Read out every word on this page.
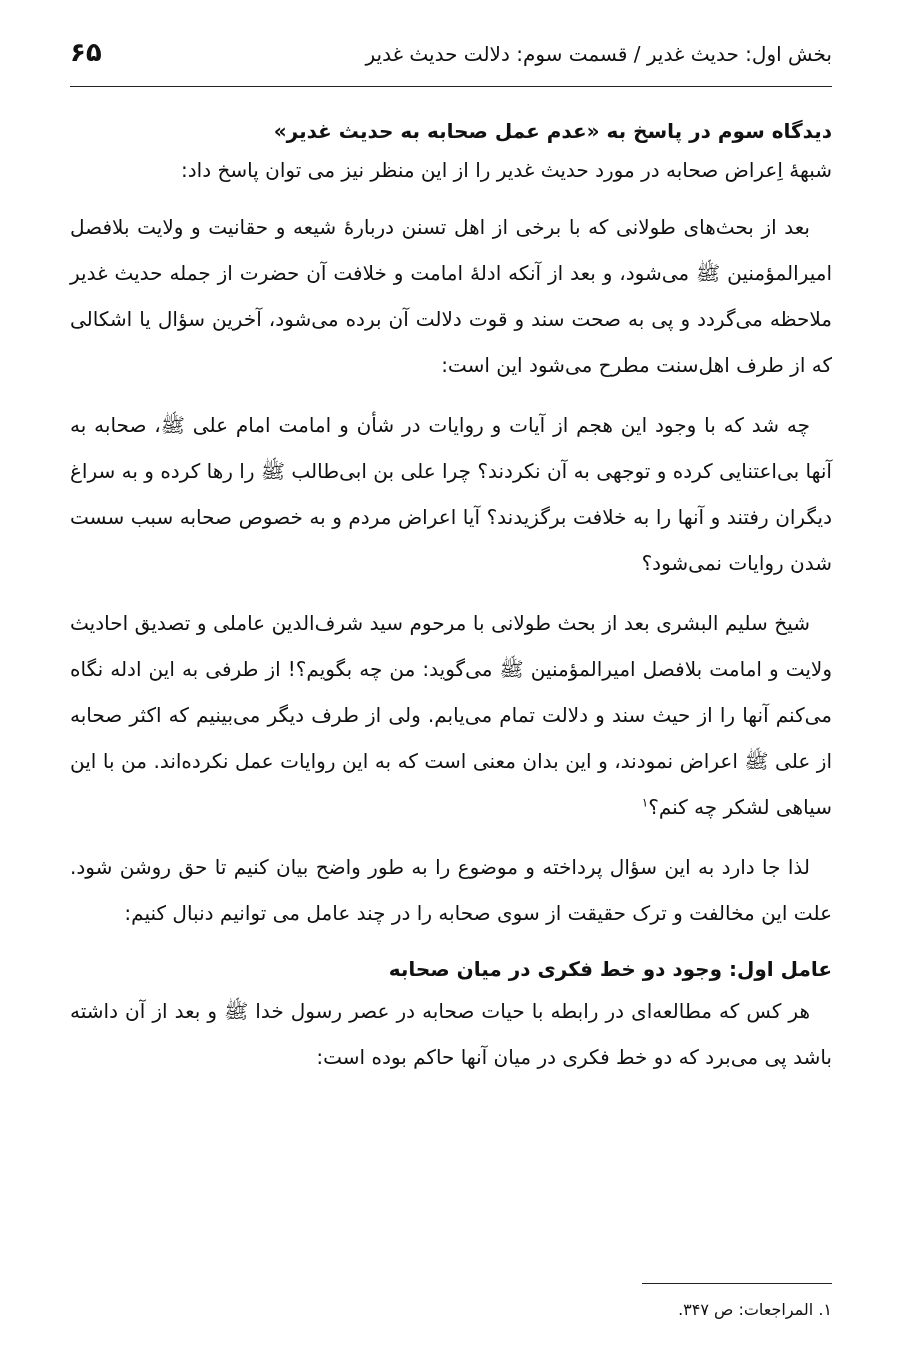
بخش اول: حدیث غدیر / قسمت سوم: دلالت حدیث غدیر
۶۵
دیدگاه سوم در پاسخ به «عدم عمل صحابه به حدیث غدیر»

شبههٔ اِعراض صحابه در مورد حدیث غدیر را از این منظر نیز می توان پاسخ داد:

بعد از بحث‌های طولانی که با برخی از اهل تسنن دربارهٔ شیعه و حقانیت و ولایت بلافصل امیرالمؤمنین ﷺ می‌شود، و بعد از آنکه ادلهٔ امامت و خلافت آن حضرت از جمله حدیث غدیر ملاحظه می‌گردد و پی به صحت سند و قوت دلالت آن برده می‌شود، آخرین سؤال یا اشکالی که از طرف اهل‌سنت مطرح می‌شود این است:

چه شد که با وجود این هجم از آیات و روایات در شأن و امامت امام علی ﷺ، صحابه به آنها بی‌اعتنایی کرده و توجهی به آن نکردند؟ چرا علی بن ابی‌طالب ﷺ را رها کرده و به سراغ دیگران رفتند و آنها را به خلافت برگزیدند؟ آیا اعراض مردم و به خصوص صحابه سبب سست شدن روایات نمی‌شود؟

شیخ سلیم البشری بعد از بحث طولانی با مرحوم سید شرف‌الدین عاملی و تصدیق احادیث ولایت و امامت بلافصل امیرالمؤمنین ﷺ می‌گوید: من چه بگویم؟! از طرفی به این ادله نگاه می‌کنم آنها را از حیث سند و دلالت تمام می‌یابم. ولی از طرف دیگر می‌بینیم که اکثر صحابه از علی ﷺ اعراض نمودند، و این بدان معنی است که به این روایات عمل نکرده‌اند. من با این سیاهی لشکر چه کنم؟$^۱$

لذا جا دارد به این سؤال پرداخته و موضوع را به طور واضح بیان کنیم تا حق روشن شود. علت این مخالفت و ترک حقیقت از سوی صحابه را در چند عامل می توانیم دنبال کنیم:

عامل اول: وجود دو خط فکری در میان صحابه

هر کس که مطالعه‌ای در رابطه با حیات صحابه در عصر رسول خدا ﷺ و بعد از آن داشته باشد پی می‌برد که دو خط فکری در میان آنها حاکم بوده است:

۱. المراجعات: ص ۳۴۷.
